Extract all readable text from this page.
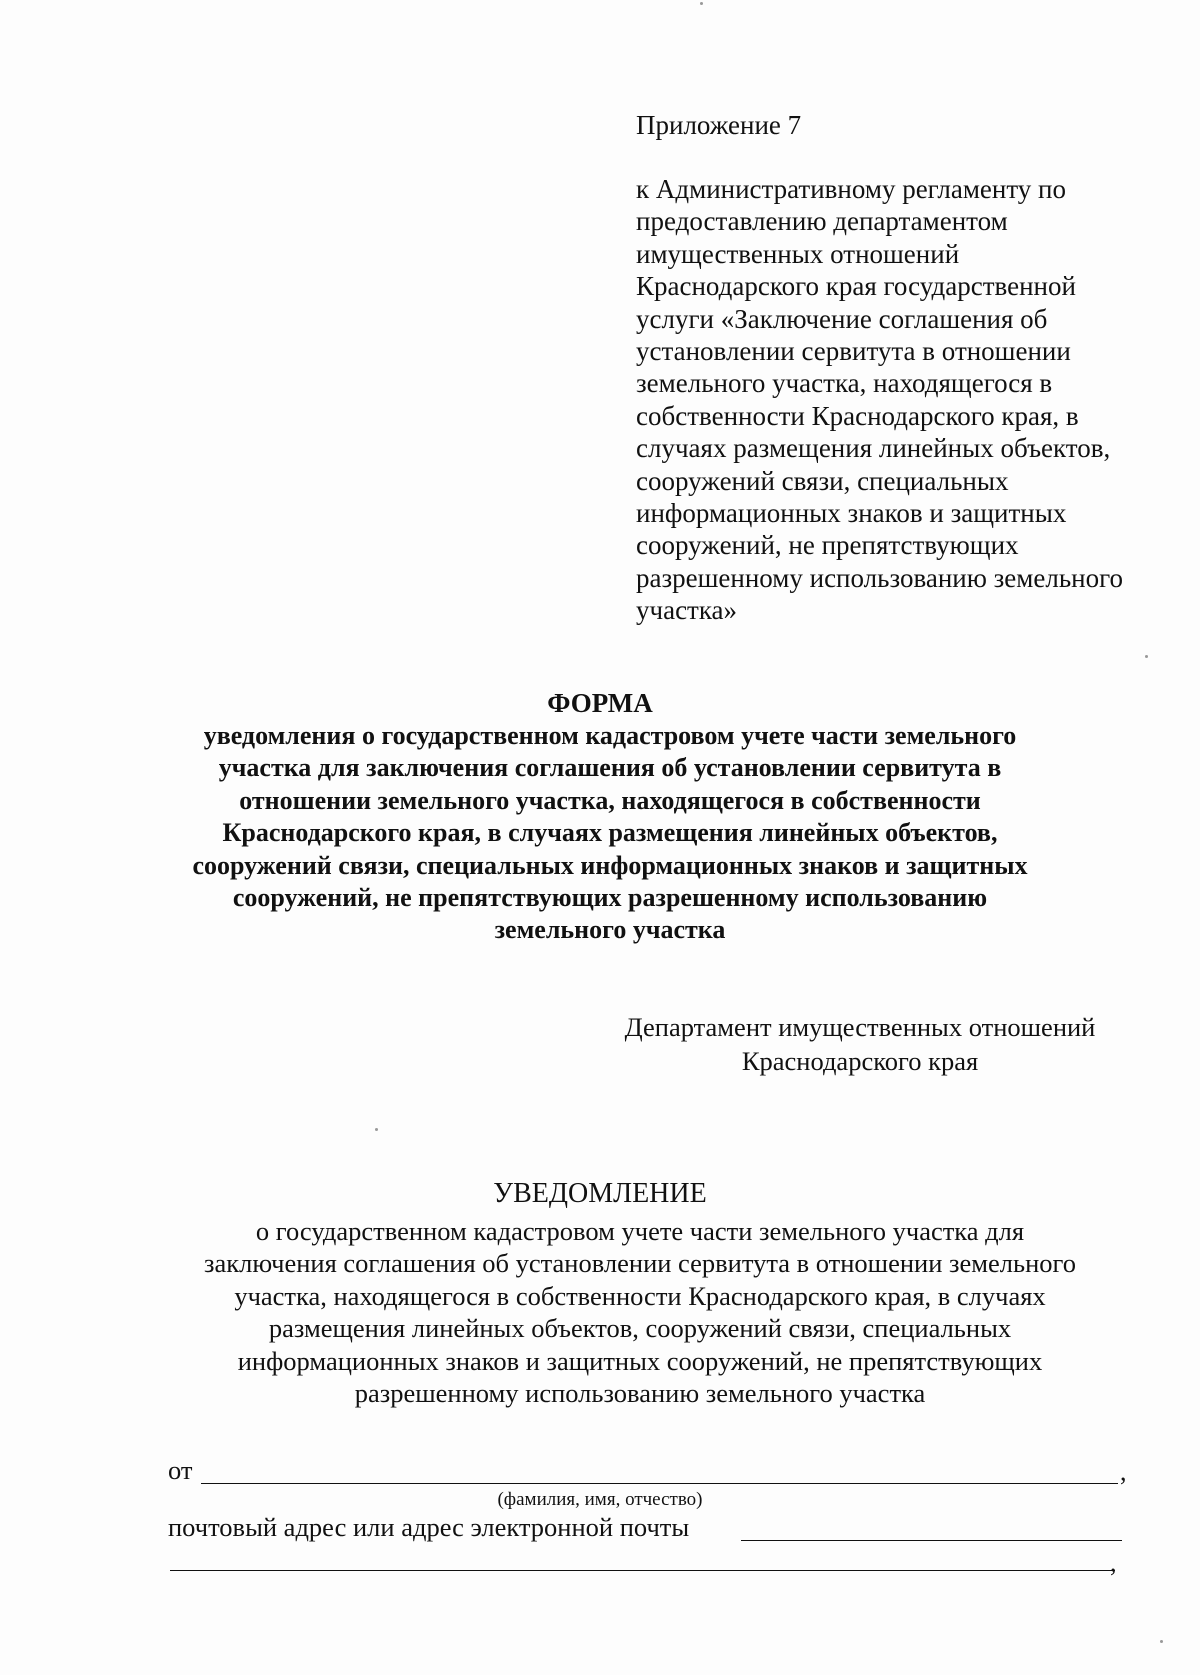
Приложение 7
к Административному регламенту по
предоставлению департаментом
имущественных отношений
Краснодарского края государственной
услуги «Заключение соглашения об
установлении сервитута в отношении
земельного участка, находящегося в
собственности Краснодарского края, в
случаях размещения линейных объектов,
сооружений связи, специальных
информационных знаков и защитных
сооружений, не препятствующих
разрешенному использованию земельного
участка»
ФОРМА
уведомления о государственном кадастровом учете части земельного
участка для заключения соглашения об установлении сервитута в
отношении земельного участка, находящегося в собственности
Краснодарского края, в случаях размещения линейных объектов,
сооружений связи, специальных информационных знаков и защитных
сооружений, не препятствующих разрешенному использованию
земельного участка
Департамент имущественных отношений
Краснодарского края
УВЕДОМЛЕНИЕ
о государственном кадастровом учете части земельного участка для
заключения соглашения об установлении сервитута в отношении земельного
участка, находящегося в собственности Краснодарского края, в случаях
размещения линейных объектов, сооружений связи, специальных
информационных знаков и защитных сооружений, не препятствующих
разрешенному использованию земельного участка
от	,
(фамилия, имя, отчество)
почтовый адрес или адрес электронной почты
,
